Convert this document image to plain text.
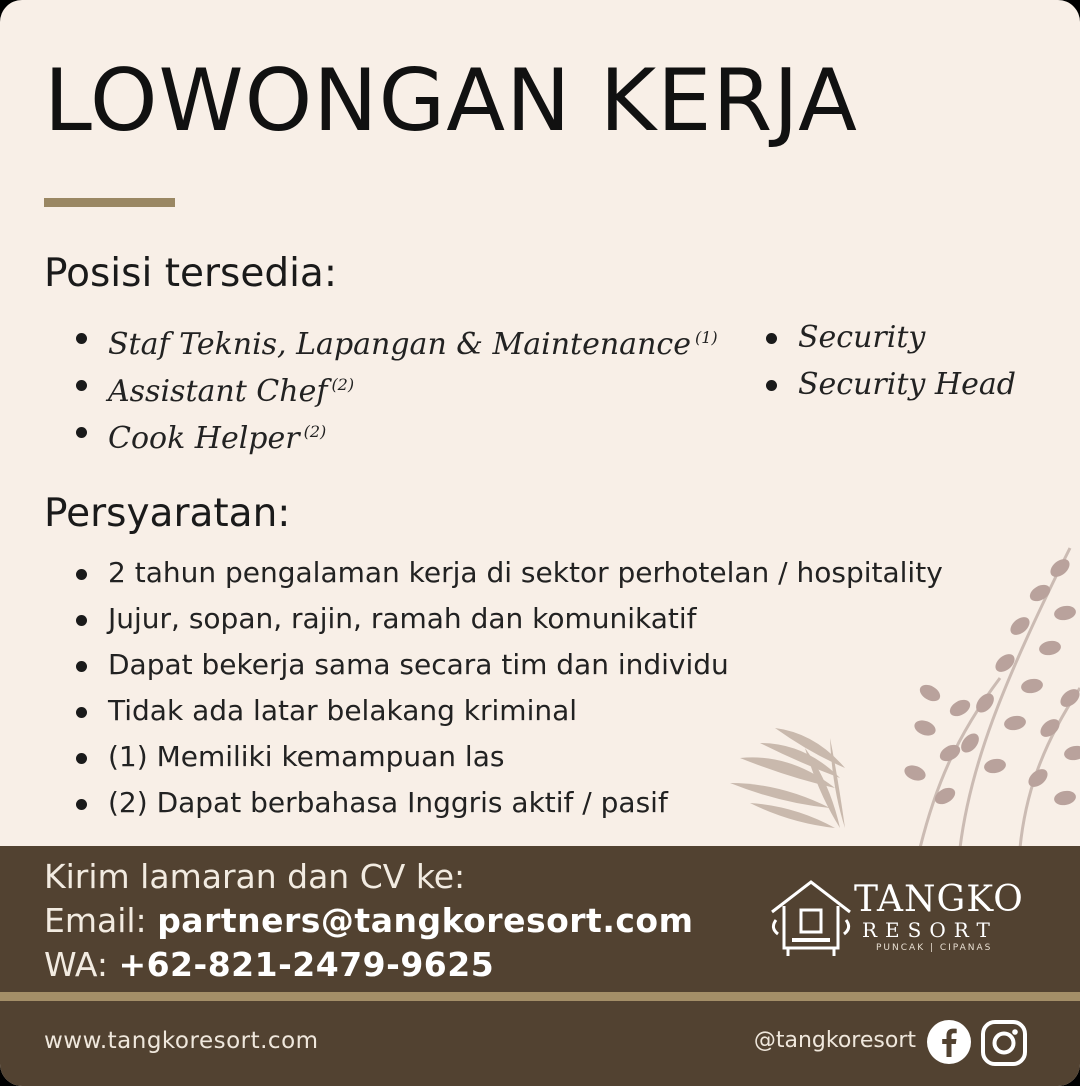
LOWONGAN KERJA
Posisi tersedia:
Staf Teknis, Lapangan & Maintenance $^{(1)}$
Assistant Chef $^{(2)}$
Cook Helper $^{(2)}$
Security
Security Head
Persyaratan:
2 tahun pengalaman kerja di sektor perhotelan / hospitality
Jujur, sopan, rajin, ramah dan komunikatif
Dapat bekerja sama secara tim dan individu
Tidak ada latar belakang kriminal
(1) Memiliki kemampuan las
(2) Dapat berbahasa Inggris aktif / pasif
Kirim lamaran dan CV ke:
Email: partners@tangkoresort.com
WA: +62-821-2479-9625
TANGKO
RESORT
PUNCAK | CIPANAS
www.tangkoresort.com	@tangkoresort
